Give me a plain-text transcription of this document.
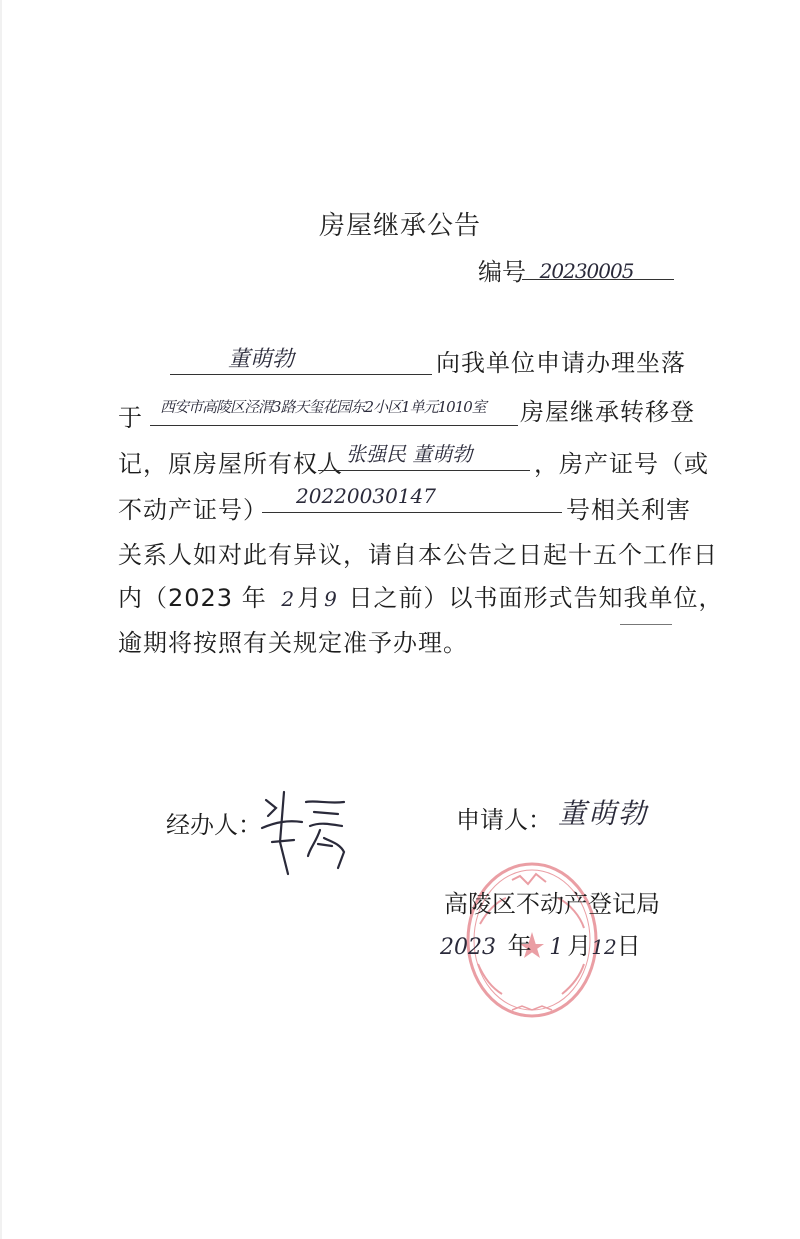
房屋继承公告
编号 20230005
董萌勃	向我单位申请办理坐落
于 西安市高陵区泾渭3路天玺花园东2小区1单元1010室 房屋继承转移登
记，原房屋所有权人 张强民 董萌勃	，房产证号（或
不动产证号） 20220030147	号相关利害
关系人如对此有异议，请自本公告之日起十五个工作日
内（2023 年 2月 9 日之前）以书面形式告知我单位，
逾期将按照有关规定准予办理。
经办人：	申请人： 董萌勃
高陵区不动产登记局
2023 年 1 月12日
